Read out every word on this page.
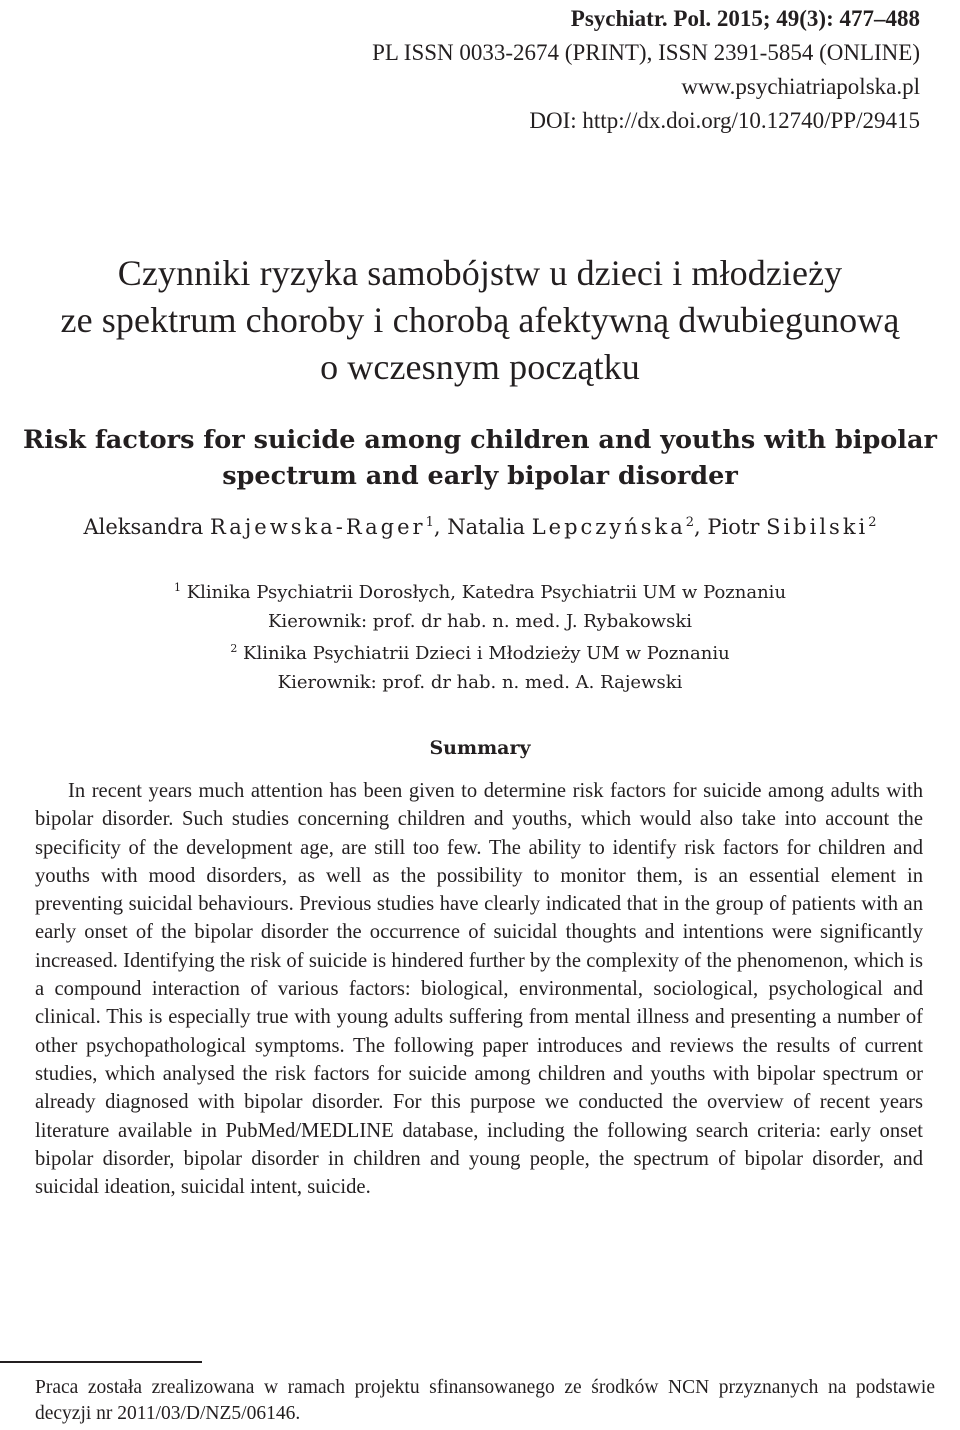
Psychiatr. Pol. 2015; 49(3): 477–488
PL ISSN 0033-2674 (PRINT), ISSN 2391-5854 (ONLINE)
www.psychiatriapolska.pl
DOI: http://dx.doi.org/10.12740/PP/29415
Czynniki ryzyka samobójstw u dzieci i młodzieży
ze spektrum choroby i chorobą afektywną dwubiegunową
o wczesnym początku
Risk factors for suicide among children and youths with bipolar
spectrum and early bipolar disorder
Aleksandra Rajewska-Rager$^1$, Natalia Lepczyńska$^2$, Piotr Sibilski$^2$
$^1$ Klinika Psychiatrii Dorosłych, Katedra Psychiatrii UM w Poznaniu
Kierownik: prof. dr hab. n. med. J. Rybakowski
$^2$ Klinika Psychiatrii Dzieci i Młodzieży UM w Poznaniu
Kierownik: prof. dr hab. n. med. A. Rajewski
Summary

In recent years much attention has been given to determine risk factors for suicide among adults with bipolar disorder. Such studies concerning children and youths, which would also take into account the specificity of the development age, are still too few. The ability to identify risk factors for children and youths with mood disorders, as well as the possibility to monitor them, is an essential element in preventing suicidal behaviours. Previous studies have clearly indicated that in the group of patients with an early onset of the bipolar disorder the occurrence of suicidal thoughts and intentions were significantly increased. Identifying the risk of suicide is hindered further by the complexity of the phenomenon, which is a compound interaction of various factors: biological, environmental, sociological, psychological and clinical. This is especially true with young adults suffering from mental illness and presenting a number of other psychopathological symptoms. The following paper introduces and reviews the results of current studies, which analysed the risk factors for suicide among children and youths with bipolar spectrum or already diagnosed with bipolar disorder. For this purpose we conducted the overview of recent years literature available in PubMed/MEDLINE database, including the following search criteria: early onset bipolar disorder, bipolar disorder in children and young people, the spectrum of bipolar disorder, and suicidal ideation, suicidal intent, suicide.

Praca została zrealizowana w ramach projektu sfinansowanego ze środków NCN przyznanych na podstawie decyzji nr 2011/03/D/NZ5/06146.
